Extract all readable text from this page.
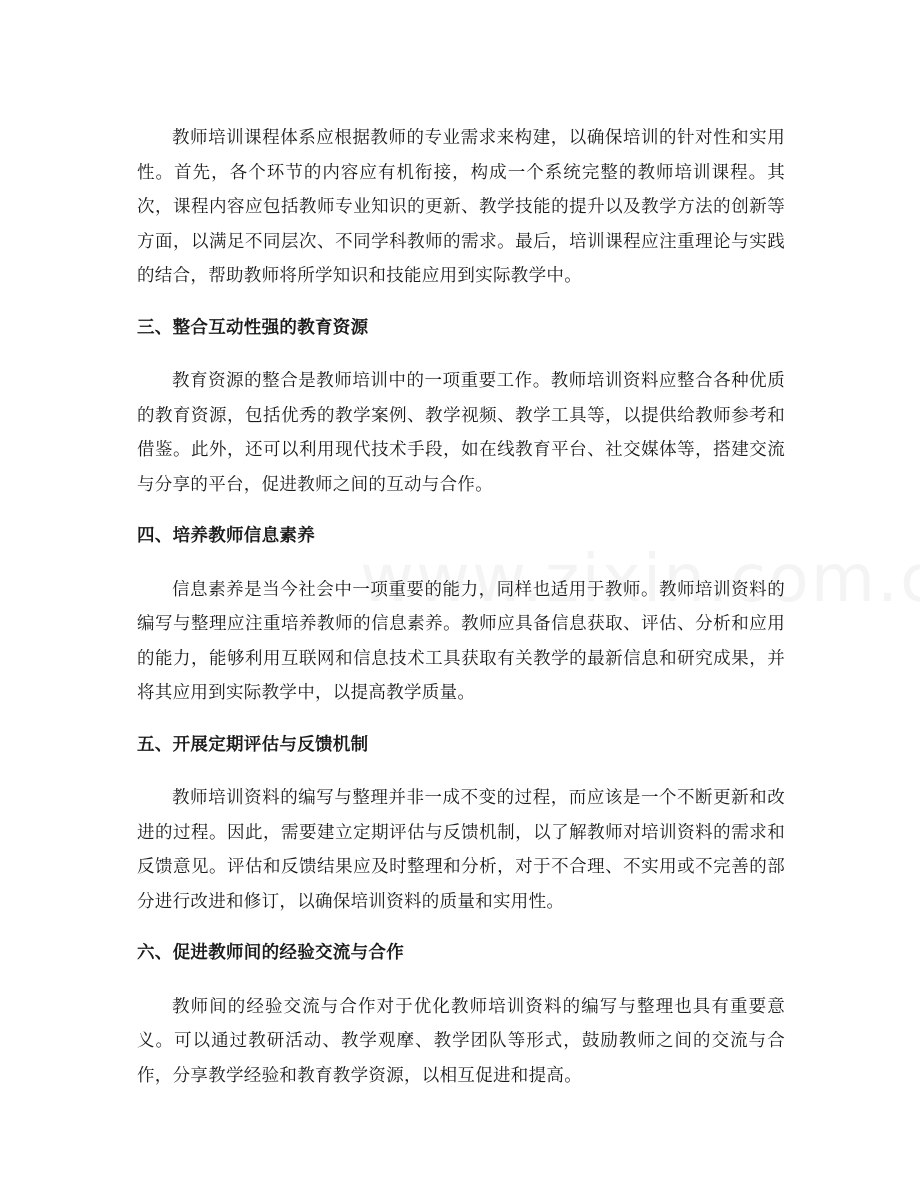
教师培训课程体系应根据教师的专业需求来构建，以确保培训的针对性和实用性。首先，各个环节的内容应有机衔接，构成一个系统完整的教师培训课程。其次，课程内容应包括教师专业知识的更新、教学技能的提升以及教学方法的创新等方面，以满足不同层次、不同学科教师的需求。最后，培训课程应注重理论与实践的结合，帮助教师将所学知识和技能应用到实际教学中。

三、整合互动性强的教育资源

教育资源的整合是教师培训中的一项重要工作。教师培训资料应整合各种优质的教育资源，包括优秀的教学案例、教学视频、教学工具等，以提供给教师参考和借鉴。此外，还可以利用现代技术手段，如在线教育平台、社交媒体等，搭建交流与分享的平台，促进教师之间的互动与合作。

四、培养教师信息素养

信息素养是当今社会中一项重要的能力，同样也适用于教师。教师培训资料的编写与整理应注重培养教师的信息素养。教师应具备信息获取、评估、分析和应用的能力，能够利用互联网和信息技术工具获取有关教学的最新信息和研究成果，并将其应用到实际教学中，以提高教学质量。

五、开展定期评估与反馈机制

教师培训资料的编写与整理并非一成不变的过程，而应该是一个不断更新和改进的过程。因此，需要建立定期评估与反馈机制，以了解教师对培训资料的需求和反馈意见。评估和反馈结果应及时整理和分析，对于不合理、不实用或不完善的部分进行改进和修订，以确保培训资料的质量和实用性。

六、促进教师间的经验交流与合作

教师间的经验交流与合作对于优化教师培训资料的编写与整理也具有重要意义。可以通过教研活动、教学观摩、教学团队等形式，鼓励教师之间的交流与合作，分享教学经验和教育教学资源，以相互促进和提高。
